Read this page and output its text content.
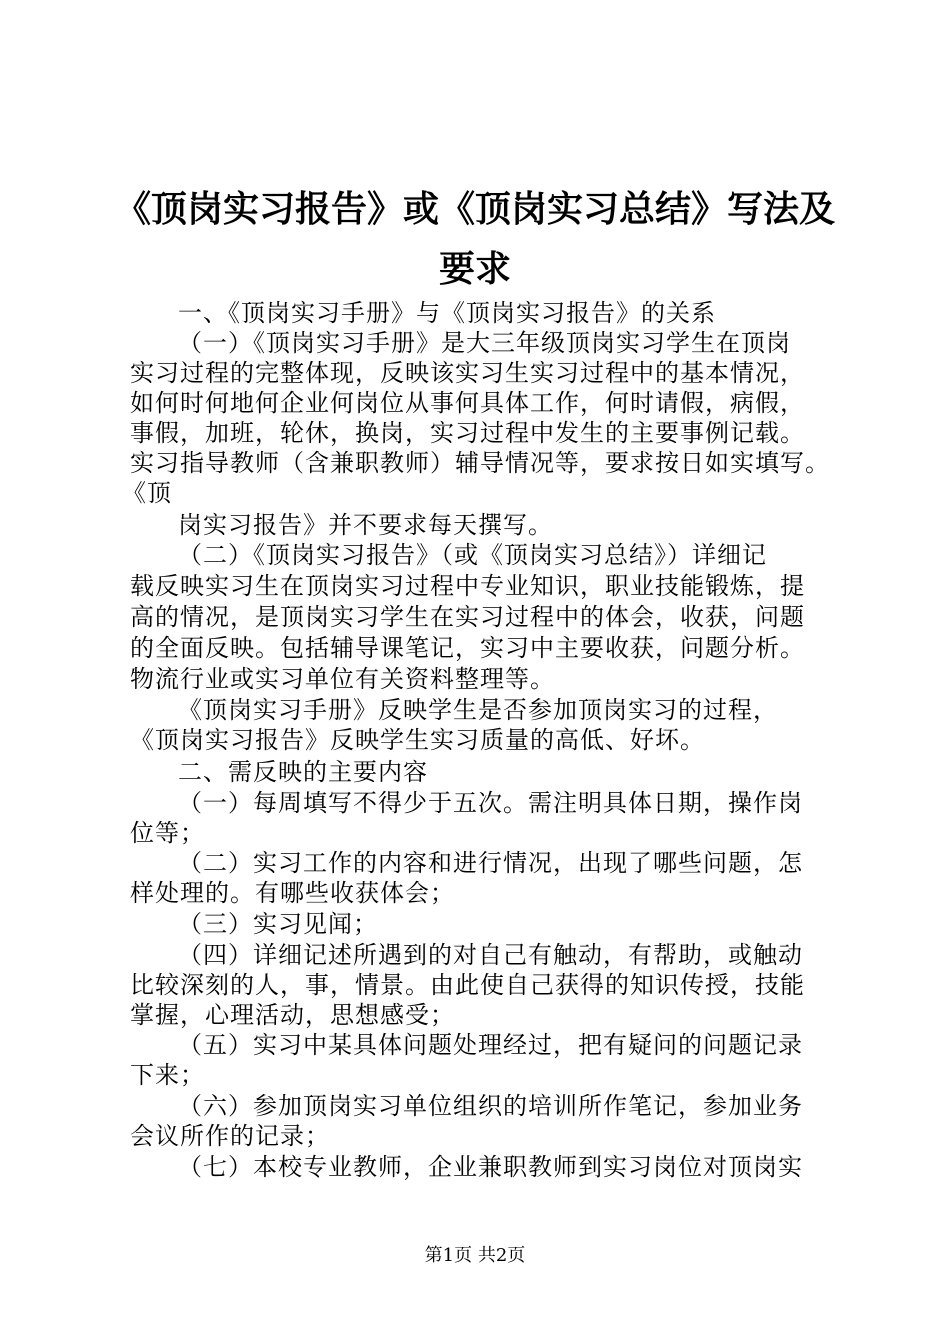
《顶岗实习报告》或《顶岗实习总结》写法及
要求
一、《顶岗实习手册》与《顶岗实习报告》的关系
（一）《顶岗实习手册》是大三年级顶岗实习学生在顶岗
实习过程的完整体现，反映该实习生实习过程中的基本情况，
如何时何地何企业何岗位从事何具体工作，何时请假，病假，
事假，加班，轮休，换岗，实习过程中发生的主要事例记载。
实习指导教师（含兼职教师）辅导情况等，要求按日如实填写。
《顶
岗实习报告》并不要求每天撰写。
（二）《顶岗实习报告》（或《顶岗实习总结》）详细记
载反映实习生在顶岗实习过程中专业知识，职业技能锻炼，提
高的情况，是顶岗实习学生在实习过程中的体会，收获，问题
的全面反映。包括辅导课笔记，实习中主要收获，问题分析。
物流行业或实习单位有关资料整理等。
《顶岗实习手册》反映学生是否参加顶岗实习的过程，
《顶岗实习报告》反映学生实习质量的高低、好坏。
二、需反映的主要内容
（一）每周填写不得少于五次。需注明具体日期，操作岗
位等；
（二）实习工作的内容和进行情况，出现了哪些问题，怎
样处理的。有哪些收获体会；
（三）实习见闻；
（四）详细记述所遇到的对自己有触动，有帮助，或触动
比较深刻的人，事，情景。由此使自己获得的知识传授，技能
掌握，心理活动，思想感受；
（五）实习中某具体问题处理经过，把有疑问的问题记录
下来；
（六）参加顶岗实习单位组织的培训所作笔记，参加业务
会议所作的记录；
（七）本校专业教师，企业兼职教师到实习岗位对顶岗实
第1页 共2页
